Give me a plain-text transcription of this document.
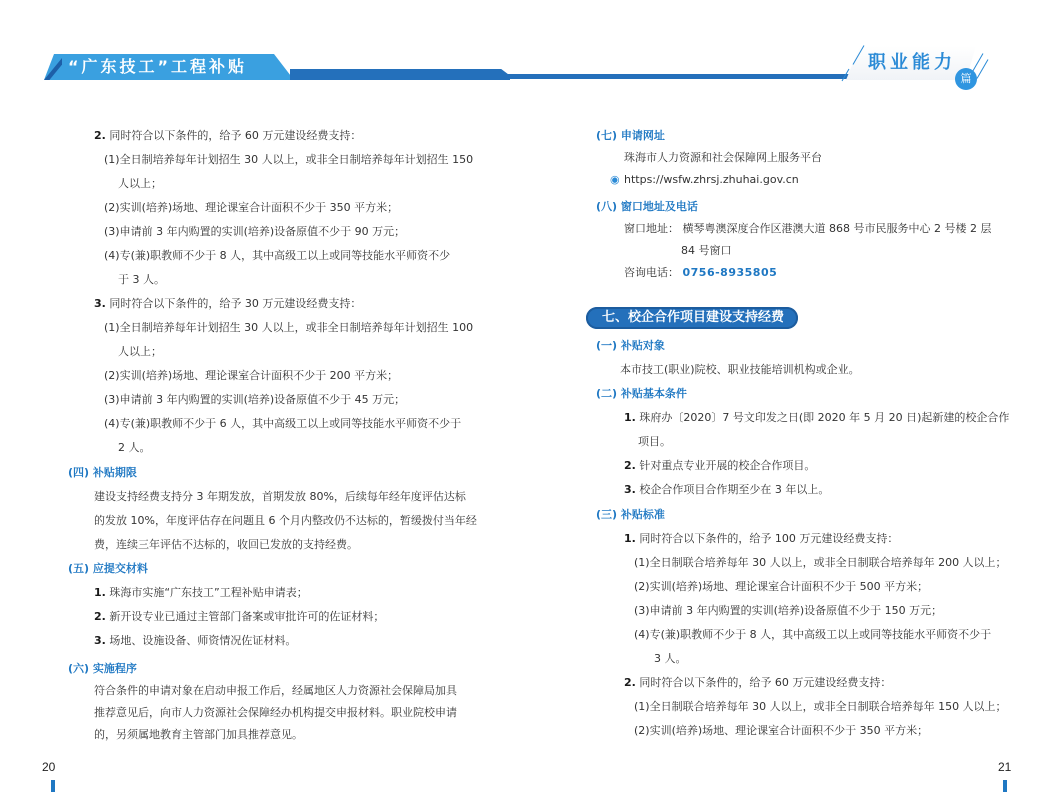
“广东技工”工程补贴	职业能力
篇
2. 同时符合以下条件的，给予 60 万元建设经费支持：
(1)全日制培养每年计划招生 30 人以上，或非全日制培养每年计划招生 150
人以上；
(2)实训(培养)场地、理论课室合计面积不少于 350 平方米；
(3)申请前 3 年内购置的实训(培养)设备原值不少于 90 万元；
(4)专(兼)职教师不少于 8 人，其中高级工以上或同等技能水平师资不少
于 3 人。
3. 同时符合以下条件的，给予 30 万元建设经费支持：
(1)全日制培养每年计划招生 30 人以上，或非全日制培养每年计划招生 100
人以上；
(2)实训(培养)场地、理论课室合计面积不少于 200 平方米；
(3)申请前 3 年内购置的实训(培养)设备原值不少于 45 万元；
(4)专(兼)职教师不少于 6 人，其中高级工以上或同等技能水平师资不少于
2 人。
(四) 补贴期限
建设支持经费支持分 3 年期发放，首期发放 80%，后续每年经年度评估达标
的发放 10%，年度评估存在问题且 6 个月内整改仍不达标的，暂缓拨付当年经
费，连续三年评估不达标的，收回已发放的支持经费。
(五) 应提交材料
1. 珠海市实施“广东技工”工程补贴申请表；
2. 新开设专业已通过主管部门备案或审批许可的佐证材料；
3. 场地、设施设备、师资情况佐证材料。
(六) 实施程序
符合条件的申请对象在启动申报工作后，经属地区人力资源社会保障局加具
推荐意见后，向市人力资源社会保障经办机构提交申报材料。职业院校申请
的，另须属地教育主管部门加具推荐意见。
20
(七) 申请网址
珠海市人力资源和社会保障网上服务平台
◉ https://wsfw.zhrsj.zhuhai.gov.cn
(八) 窗口地址及电话
窗口地址： 横琴粤澳深度合作区港澳大道 868 号市民服务中心 2 号楼 2 层
84 号窗口
咨询电话： 0756-8935805
七、校企合作项目建设支持经费
(一) 补贴对象
本市技工(职业)院校、职业技能培训机构或企业。
(二) 补贴基本条件
1. 珠府办〔2020〕7 号文印发之日(即 2020 年 5 月 20 日)起新建的校企合作
项目。
2. 针对重点专业开展的校企合作项目。
3. 校企合作项目合作期至少在 3 年以上。
(三) 补贴标准
1. 同时符合以下条件的，给予 100 万元建设经费支持：
(1)全日制联合培养每年 30 人以上，或非全日制联合培养每年 200 人以上；
(2)实训(培养)场地、理论课室合计面积不少于 500 平方米；
(3)申请前 3 年内购置的实训(培养)设备原值不少于 150 万元；
(4)专(兼)职教师不少于 8 人，其中高级工以上或同等技能水平师资不少于
3 人。
2. 同时符合以下条件的，给予 60 万元建设经费支持：
(1)全日制联合培养每年 30 人以上，或非全日制联合培养每年 150 人以上；
(2)实训(培养)场地、理论课室合计面积不少于 350 平方米；
21
